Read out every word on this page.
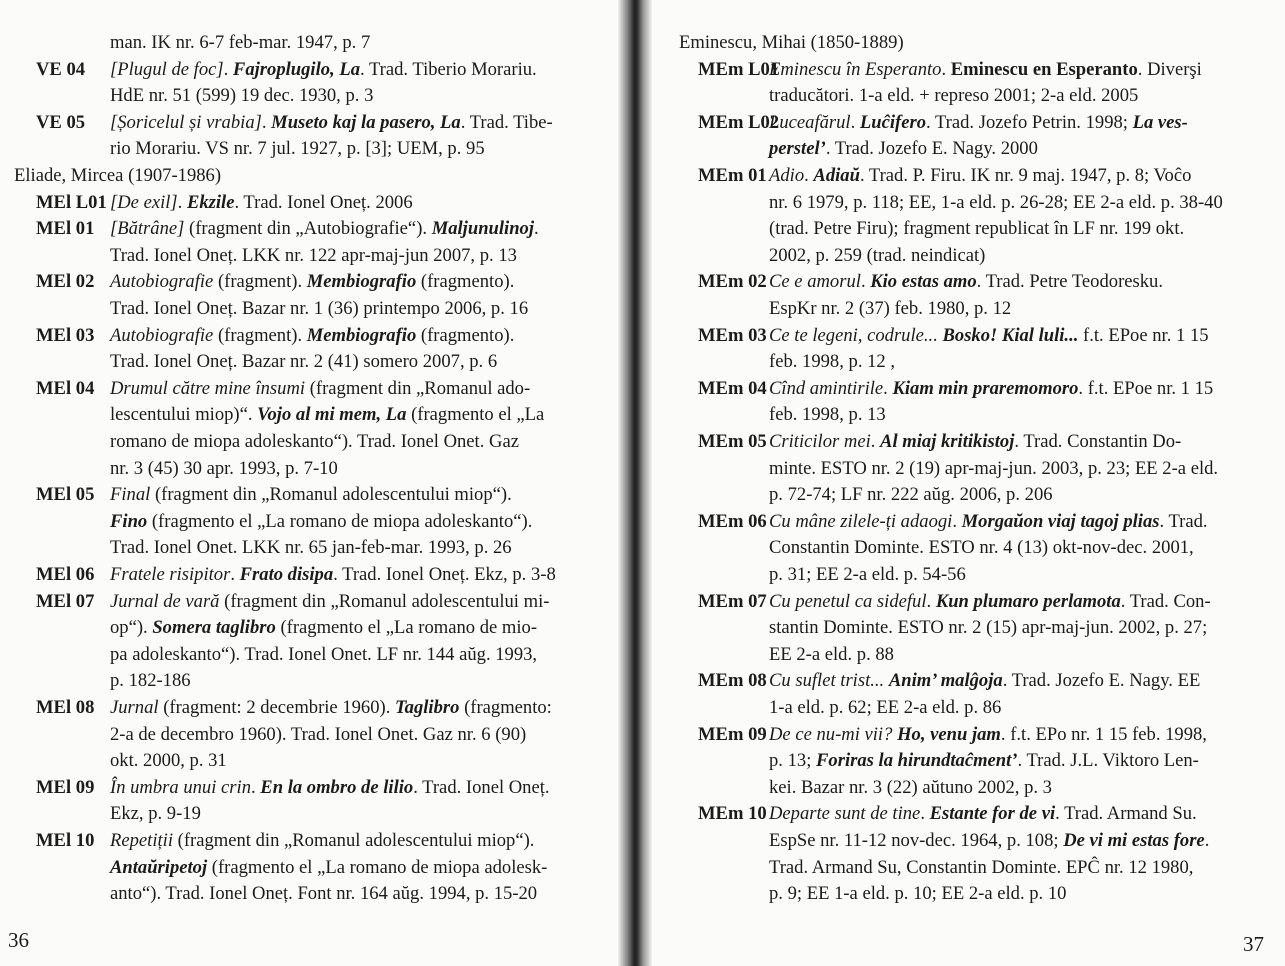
man. IK nr. 6-7 feb-mar. 1947, p. 7
VE 04 [Plugul de foc]. Fajroplugilo, La. Trad. Tiberio Morariu.
HdE nr. 51 (599) 19 dec. 1930, p. 3
VE 05 [Șoricelul și vrabia]. Museto kaj la pasero, La. Trad. Tibe-
rio Morariu. VS nr. 7 jul. 1927, p. [3]; UEM, p. 95
Eliade, Mircea (1907-1986)
MEl L01 [De exil]. Ekzile. Trad. Ionel Oneț. 2006
MEl 01 [Bătrâne] (fragment din „Autobiografie“). Maljunulinoj.
Trad. Ionel Oneț. LKK nr. 122 apr-maj-jun 2007, p. 13
MEl 02 Autobiografie (fragment). Membiografio (fragmento).
Trad. Ionel Oneț. Bazar nr. 1 (36) printempo 2006, p. 16
MEl 03 Autobiografie (fragment). Membiografio (fragmento).
Trad. Ionel Oneț. Bazar nr. 2 (41) somero 2007, p. 6
MEl 04 Drumul către mine însumi (fragment din „Romanul ado-
lescentului miop)“. Vojo al mi mem, La (fragmento el „La
romano de miopa adoleskanto“). Trad. Ionel Onet. Gaz
nr. 3 (45) 30 apr. 1993, p. 7-10
MEl 05 Final (fragment din „Romanul adolescentului miop“).
Fino (fragmento el „La romano de miopa adoleskanto“).
Trad. Ionel Onet. LKK nr. 65 jan-feb-mar. 1993, p. 26
MEl 06 Fratele risipitor. Frato disipa. Trad. Ionel Oneț. Ekz, p. 3-8
MEl 07 Jurnal de vară (fragment din „Romanul adolescentului mi-
op“). Somera taglibro (fragmento el „La romano de mio-
pa adoleskanto“). Trad. Ionel Onet. LF nr. 144 aŭg. 1993,
p. 182-186
MEl 08 Jurnal (fragment: 2 decembrie 1960). Taglibro (fragmento:
2-a de decembro 1960). Trad. Ionel Onet. Gaz nr. 6 (90)
okt. 2000, p. 31
MEl 09 În umbra unui crin. En la ombro de lilio. Trad. Ionel Oneț.
Ekz, p. 9-19
MEl 10 Repetiții (fragment din „Romanul adolescentului miop“).
Antaŭripetoj (fragmento el „La romano de miopa adolesk-
anto“). Trad. Ionel Oneț. Font nr. 164 aŭg. 1994, p. 15-20
Eminescu, Mihai (1850-1889)
MEm L01Eminescu în Esperanto. Eminescu en Esperanto. Diverşi
traducători. 1-a eld. + represo 2001; 2-a eld. 2005
MEm L02Luceafărul. Luĉifero. Trad. Jozefo Petrin. 1998; La ves-
perstel’. Trad. Jozefo E. Nagy. 2000
MEm 01 Adio. Adiaŭ. Trad. P. Firu. IK nr. 9 maj. 1947, p. 8; Voĉo
nr. 6 1979, p. 118; EE, 1-a eld. p. 26-28; EE 2-a eld. p. 38-40
(trad. Petre Firu); fragment republicat în LF nr. 199 okt.
2002, p. 259 (trad. neindicat)
MEm 02 Ce e amorul. Kio estas amo. Trad. Petre Teodoresku.
EspKr nr. 2 (37) feb. 1980, p. 12
MEm 03 Ce te legeni, codrule... Bosko! Kial luli... f.t. EPoe nr. 1 15
feb. 1998, p. 12 ,
MEm 04 Cînd amintirile. Kiam min praremomoro. f.t. EPoe nr. 1 15
feb. 1998, p. 13
MEm 05 Criticilor mei. Al miaj kritikistoj. Trad. Constantin Do-
minte. ESTO nr. 2 (19) apr-maj-jun. 2003, p. 23; EE 2-a eld.
p. 72-74; LF nr. 222 aŭg. 2006, p. 206
MEm 06 Cu mâne zilele-ți adaogi. Morgaŭon viaj tagoj plias. Trad.
Constantin Dominte. ESTO nr. 4 (13) okt-nov-dec. 2001,
p. 31; EE 2-a eld. p. 54-56
MEm 07 Cu penetul ca sideful. Kun plumaro perlamota. Trad. Con-
stantin Dominte. ESTO nr. 2 (15) apr-maj-jun. 2002, p. 27;
EE 2-a eld. p. 88
MEm 08 Cu suflet trist... Anim’ malĝoja. Trad. Jozefo E. Nagy. EE
1-a eld. p. 62; EE 2-a eld. p. 86
MEm 09 De ce nu-mi vii? Ho, venu jam. f.t. EPo nr. 1 15 feb. 1998,
p. 13; Foriras la hirundtaĉment’. Trad. J.L. Viktoro Len-
kei. Bazar nr. 3 (22) aŭtuno 2002, p. 3
MEm 10 Departe sunt de tine. Estante for de vi. Trad. Armand Su.
EspSe nr. 11-12 nov-dec. 1964, p. 108; De vi mi estas fore.
Trad. Armand Su, Constantin Dominte. EPĈ nr. 12 1980,
p. 9; EE 1-a eld. p. 10; EE 2-a eld. p. 10
36	37
